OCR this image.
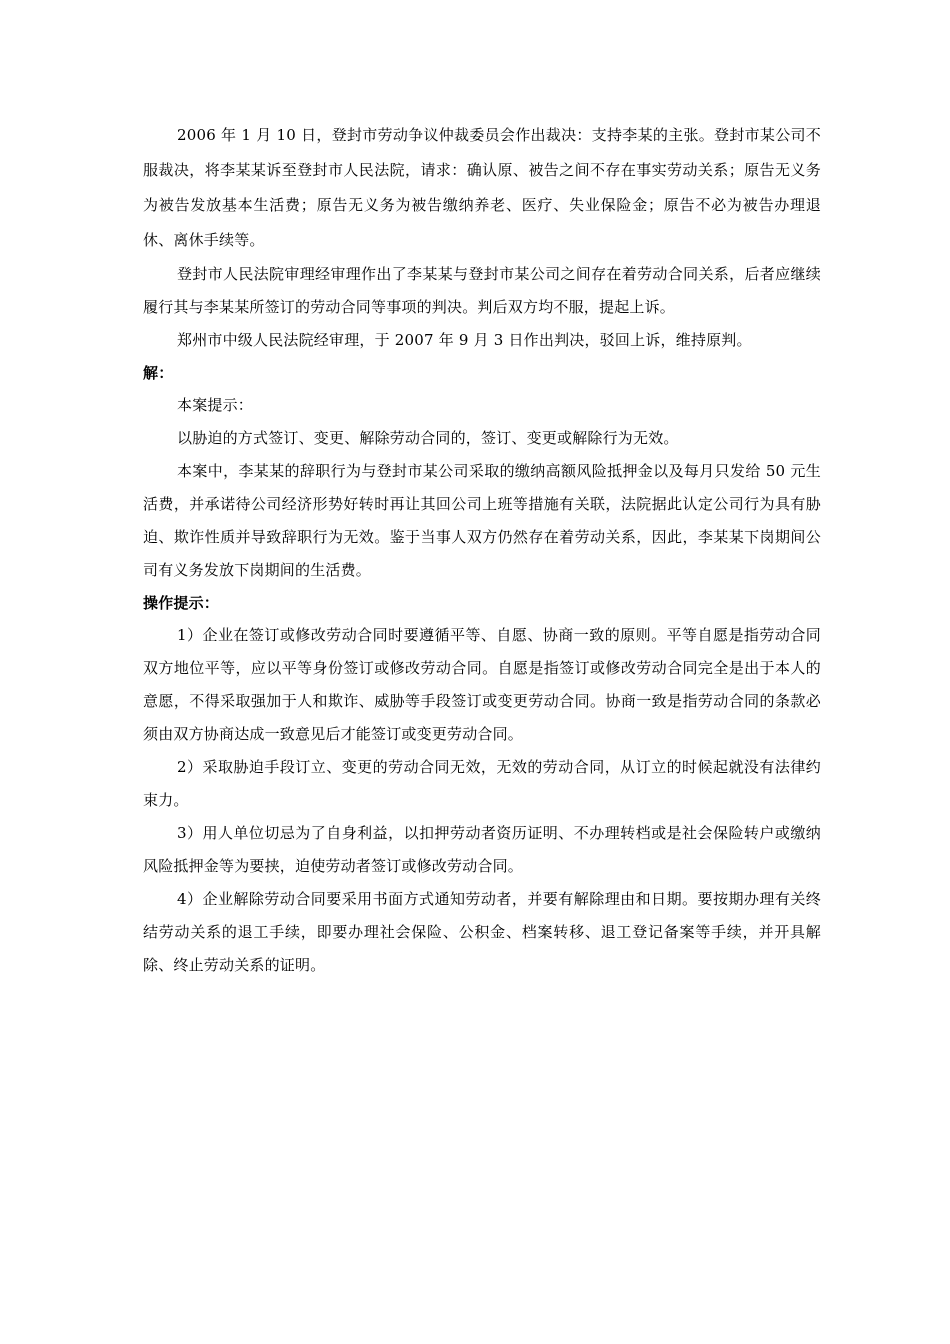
2006 年 1 月 10 日，登封市劳动争议仲裁委员会作出裁决：支持李某的主张。登封市某公司不服裁决，将李某某诉至登封市人民法院，请求：确认原、被告之间不存在事实劳动关系；原告无义务为被告发放基本生活费；原告无义务为被告缴纳养老、医疗、失业保险金；原告不必为被告办理退休、离休手续等。

登封市人民法院审理经审理作出了李某某与登封市某公司之间存在着劳动合同关系，后者应继续履行其与李某某所签订的劳动合同等事项的判决。判后双方均不服，提起上诉。

郑州市中级人民法院经审理，于 2007 年 9 月 3 日作出判决，驳回上诉，维持原判。

解：

本案提示：

以胁迫的方式签订、变更、解除劳动合同的，签订、变更或解除行为无效。

本案中，李某某的辞职行为与登封市某公司采取的缴纳高额风险抵押金以及每月只发给 50 元生活费，并承诺待公司经济形势好转时再让其回公司上班等措施有关联，法院据此认定公司行为具有胁迫、欺诈性质并导致辞职行为无效。鉴于当事人双方仍然存在着劳动关系，因此，李某某下岗期间公司有义务发放下岗期间的生活费。

操作提示：

1）企业在签订或修改劳动合同时要遵循平等、自愿、协商一致的原则。平等自愿是指劳动合同双方地位平等，应以平等身份签订或修改劳动合同。自愿是指签订或修改劳动合同完全是出于本人的意愿，不得采取强加于人和欺诈、威胁等手段签订或变更劳动合同。协商一致是指劳动合同的条款必须由双方协商达成一致意见后才能签订或变更劳动合同。

2）采取胁迫手段订立、变更的劳动合同无效，无效的劳动合同，从订立的时候起就没有法律约束力。

3）用人单位切忌为了自身利益，以扣押劳动者资历证明、不办理转档或是社会保险转户或缴纳风险抵押金等为要挟，迫使劳动者签订或修改劳动合同。

4）企业解除劳动合同要采用书面方式通知劳动者，并要有解除理由和日期。要按期办理有关终结劳动关系的退工手续，即要办理社会保险、公积金、档案转移、退工登记备案等手续，并开具解除、终止劳动关系的证明。
